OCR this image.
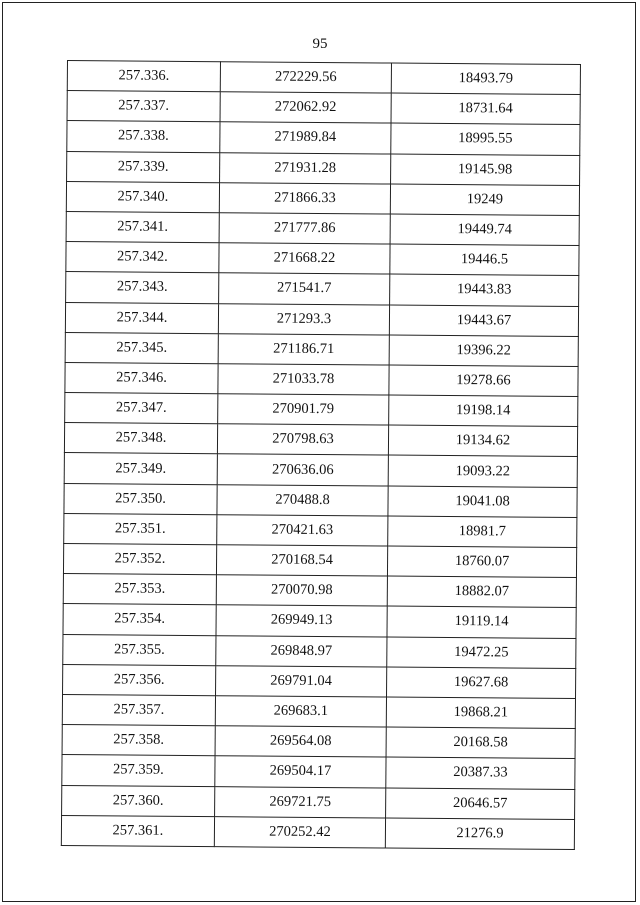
95
257.336.	272229.56	18493.79
257.337.	272062.92	18731.64
257.338.	271989.84	18995.55
257.339.	271931.28	19145.98
257.340.	271866.33	19249
257.341.	271777.86	19449.74
257.342.	271668.22	19446.5
257.343.	271541.7	19443.83
257.344.	271293.3	19443.67
257.345.	271186.71	19396.22
257.346.	271033.78	19278.66
257.347.	270901.79	19198.14
257.348.	270798.63	19134.62
257.349.	270636.06	19093.22
257.350.	270488.8	19041.08
257.351.	270421.63	18981.7
257.352.	270168.54	18760.07
257.353.	270070.98	18882.07
257.354.	269949.13	19119.14
257.355.	269848.97	19472.25
257.356.	269791.04	19627.68
257.357.	269683.1	19868.21
257.358.	269564.08	20168.58
257.359.	269504.17	20387.33
257.360.	269721.75	20646.57
257.361.	270252.42	21276.9
